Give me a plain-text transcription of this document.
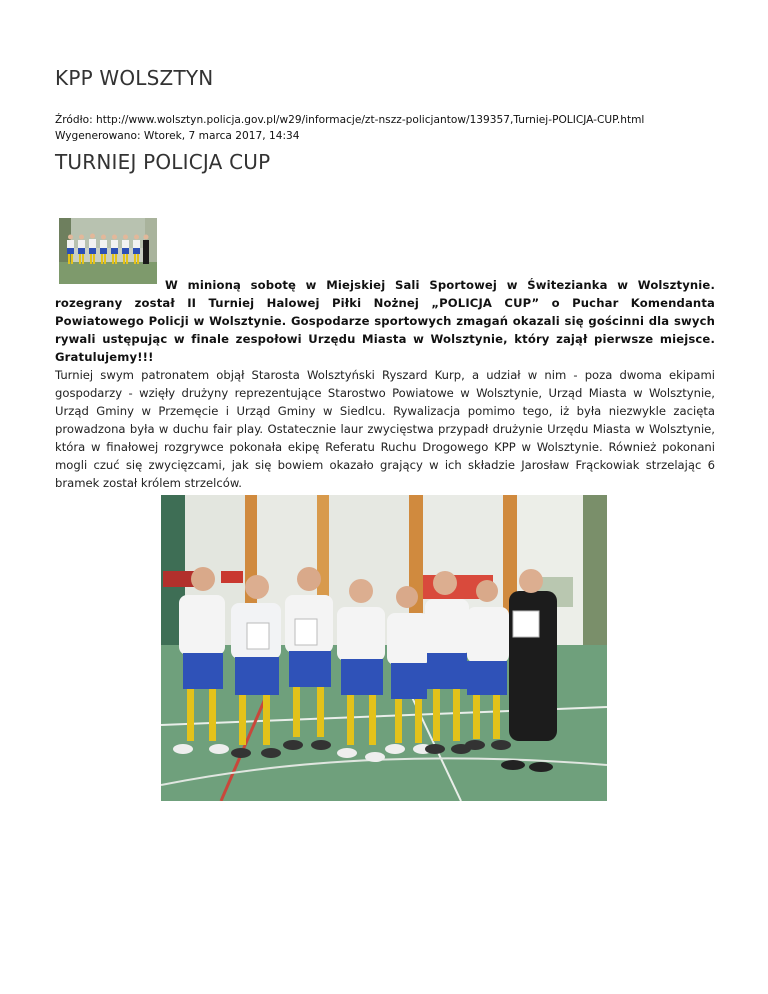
KPP WOLSZTYN
Źródło: http://www.wolsztyn.policja.gov.pl/w29/informacje/zt-nszz-policjantow/139357,Turniej-POLICJA-CUP.html
Wygenerowano: Wtorek, 7 marca 2017, 14:34
TURNIEJ POLICJA CUP
W minioną sobotę w Miejskiej Sali Sportowej w Świtezianka w Wolsztynie. rozegrany został II Turniej Halowej Piłki Nożnej „POLICJA CUP” o Puchar Komendanta Powiatowego Policji w Wolsztynie. Gospodarze sportowych zmagań okazali się gościnni dla swych rywali ustępując w finale zespołowi Urzędu Miasta w Wolsztynie, który zajął pierwsze miejsce. Gratulujemy!!!
Turniej swym patronatem objął Starosta Wolsztyński Ryszard Kurp, a udział w nim - poza dwoma ekipami gospodarzy - wzięły drużyny reprezentujące Starostwo Powiatowe w Wolsztynie, Urząd Miasta w Wolsztynie, Urząd Gminy w Przemęcie i Urząd Gminy w Siedlcu. Rywalizacja pomimo tego, iż była niezwykle zacięta prowadzona była w duchu fair play. Ostatecznie laur zwycięstwa przypadł drużynie Urzędu Miasta w Wolsztynie, która w finałowej rozgrywce pokonała ekipę Referatu Ruchu Drogowego KPP w Wolsztynie. Również pokonani mogli czuć się zwycięzcami, jak się bowiem okazało grający w ich składzie Jarosław Frąckowiak strzelając 6 bramek został królem strzelców.
